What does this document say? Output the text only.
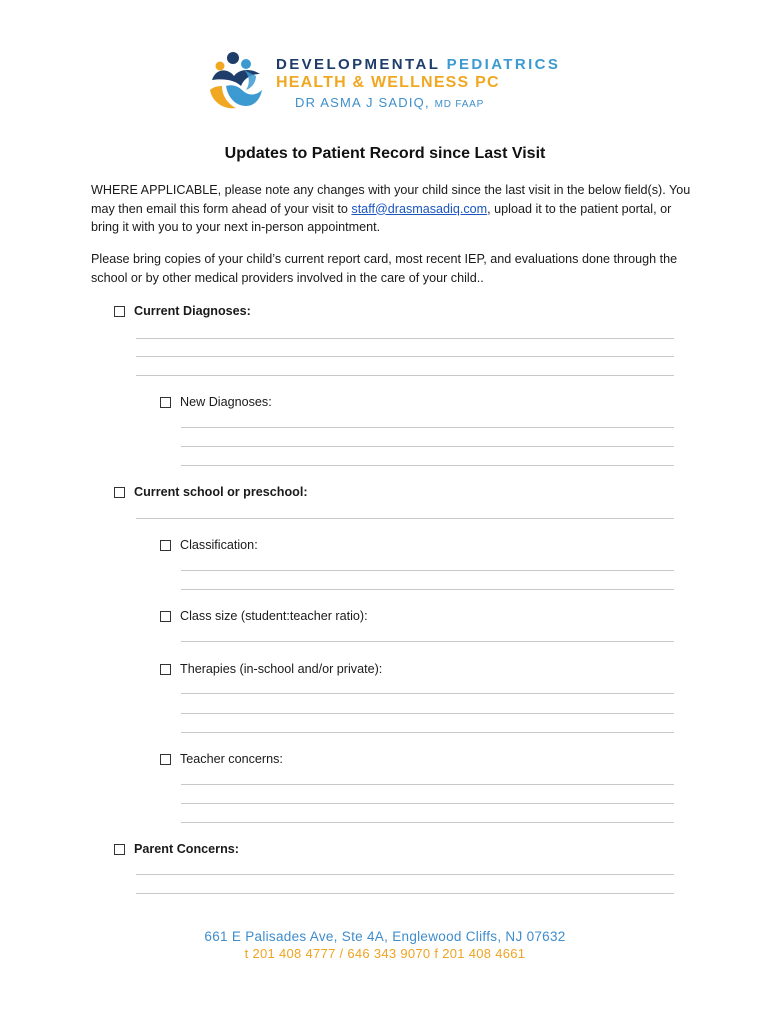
DEVELOPMENTAL PEDIATRICS
HEALTH & WELLNESS PC
DR ASMA J SADIQ, MD FAAP
Updates to Patient Record since Last Visit
WHERE APPLICABLE, please note any changes with your child since the last visit in the below field(s). You may then email this form ahead of your visit to staff@drasmasadiq.com, upload it to the patient portal, or bring it with you to your next in-person appointment.
Please bring copies of your child’s current report card, most recent IEP, and evaluations done through the school or by other medical providers involved in the care of your child..
Current Diagnoses:
New Diagnoses:
Current school or preschool:
Classification:
Class size (student:teacher ratio):
Therapies (in-school and/or private):
Teacher concerns:
Parent Concerns:
661 E Palisades Ave, Ste 4A, Englewood Cliffs, NJ 07632
t 201 408 4777 / 646 343 9070 f 201 408 4661
